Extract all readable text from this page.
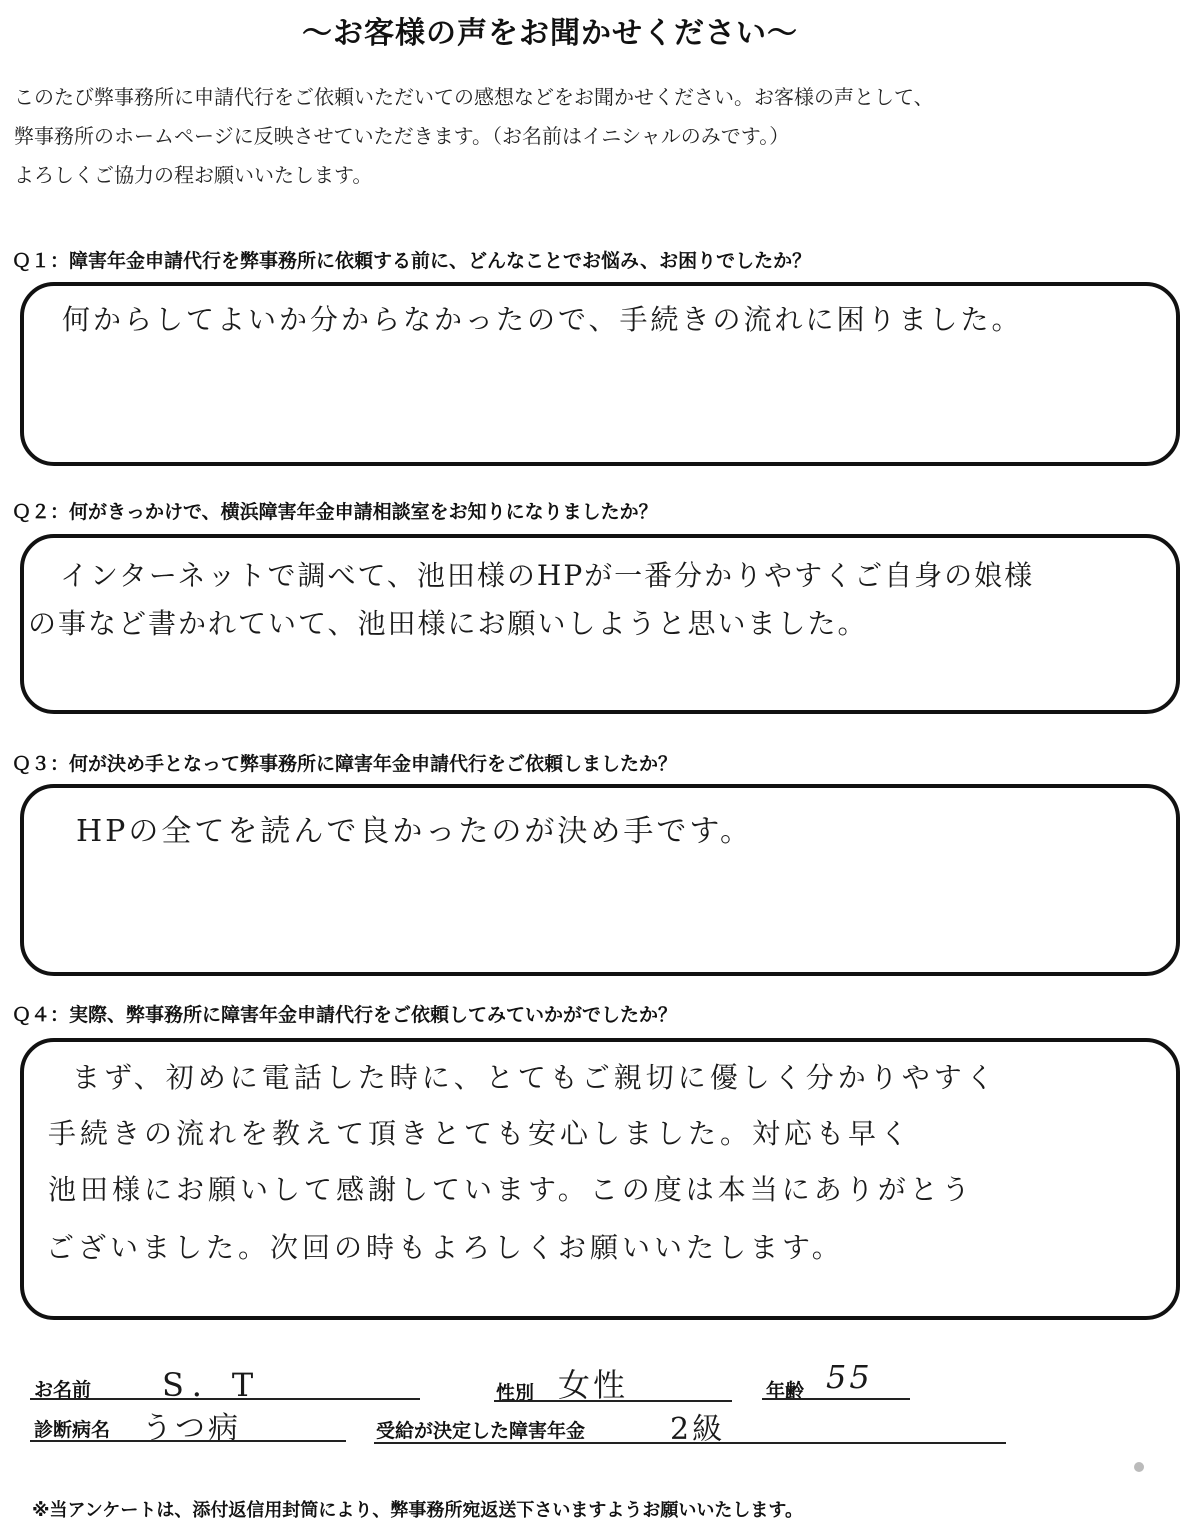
～お客様の声をお聞かせください～
このたび弊事務所に申請代行をご依頼いただいての感想などをお聞かせください。お客様の声として、
弊事務所のホームページに反映させていただきます。（お名前はイニシャルのみです。）
よろしくご協力の程お願いいたします。
Ｑ１：障害年金申請代行を弊事務所に依頼する前に、どんなことでお悩み、お困りでしたか？
何からしてよいか分からなかったので、手続きの流れに困りました。
Ｑ２：何がきっかけで、横浜障害年金申請相談室をお知りになりましたか？
インターネットで調べて、池田様のHPが一番分かりやすくご自身の娘様
の事など書かれていて、池田様にお願いしようと思いました。
Ｑ３：何が決め手となって弊事務所に障害年金申請代行をご依頼しましたか？
HPの全てを読んで良かったのが決め手です。
Ｑ４：実際、弊事務所に障害年金申請代行をご依頼してみていかがでしたか？
まず、初めに電話した時に、とてもご親切に優しく分かりやすく
手続きの流れを教えて頂きとても安心しました。対応も早く
池田様にお願いして感謝しています。この度は本当にありがとう
ございました。次回の時もよろしくお願いいたします。
お名前 S．T	性別 女性	年齢 55
診断病名 うつ病	受給が決定した障害年金	2級
※当アンケートは、添付返信用封筒により、弊事務所宛返送下さいますようお願いいたします。
